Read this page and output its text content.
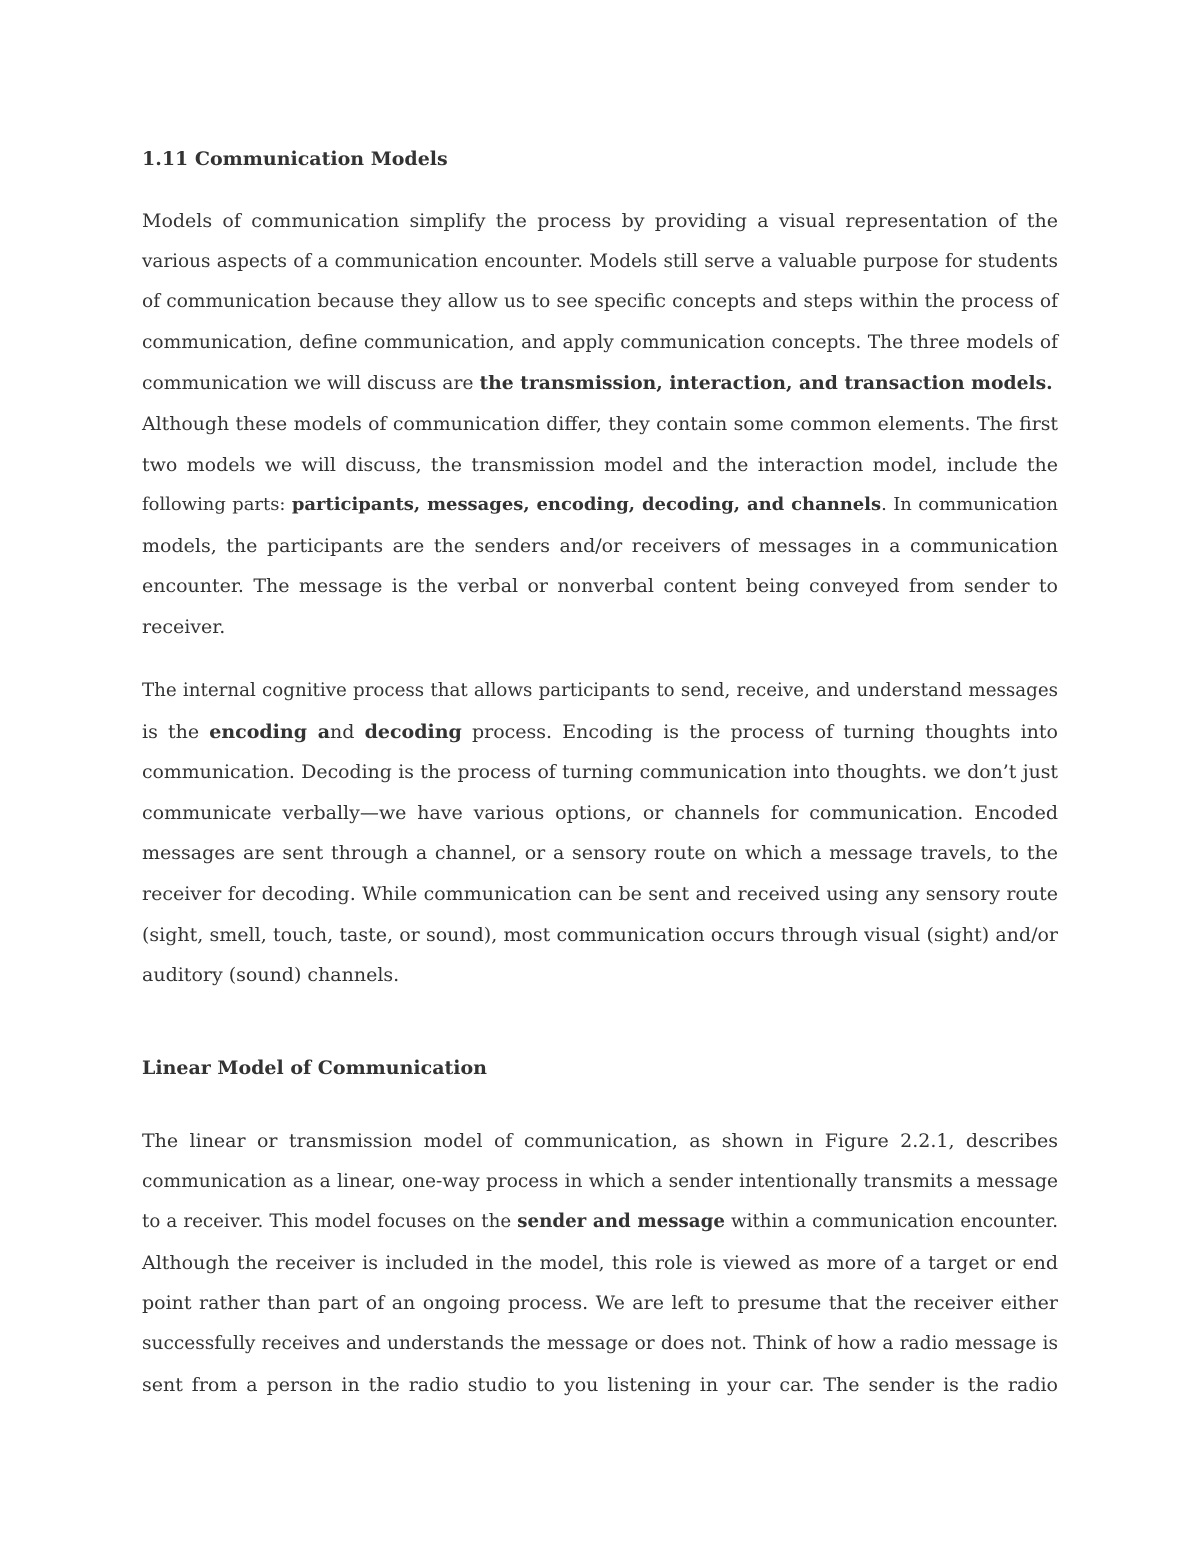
1.11 Communication Models
Models of communication simplify the process by providing a visual representation of the
various aspects of a communication encounter. Models still serve a valuable purpose for students
of communication because they allow us to see specific concepts and steps within the process of
communication, define communication, and apply communication concepts. The three models of
communication we will discuss are the transmission, interaction, and transaction models.
Although these models of communication differ, they contain some common elements. The first
two models we will discuss, the transmission model and the interaction model, include the
following parts: participants, messages, encoding, decoding, and channels. In communication
models, the participants are the senders and/or receivers of messages in a communication
encounter. The message is the verbal or nonverbal content being conveyed from sender to
receiver.
The internal cognitive process that allows participants to send, receive, and understand messages
is the encoding and decoding process. Encoding is the process of turning thoughts into
communication. Decoding is the process of turning communication into thoughts. we don’t just
communicate verbally—we have various options, or channels for communication. Encoded
messages are sent through a channel, or a sensory route on which a message travels, to the
receiver for decoding. While communication can be sent and received using any sensory route
(sight, smell, touch, taste, or sound), most communication occurs through visual (sight) and/or
auditory (sound) channels.
Linear Model of Communication
The linear or transmission model of communication, as shown in Figure 2.2.1, describes
communication as a linear, one-way process in which a sender intentionally transmits a message
to a receiver. This model focuses on the sender and message within a communication encounter.
Although the receiver is included in the model, this role is viewed as more of a target or end
point rather than part of an ongoing process. We are left to presume that the receiver either
successfully receives and understands the message or does not. Think of how a radio message is
sent from a person in the radio studio to you listening in your car. The sender is the radio
